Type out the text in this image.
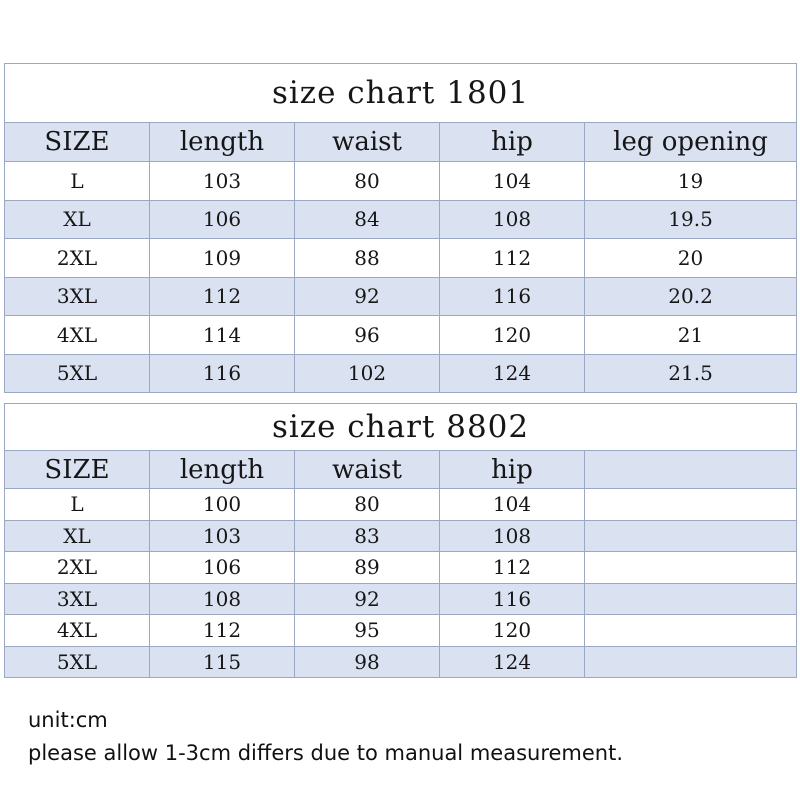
size chart 1801				
SIZE	length	waist	hip	leg opening
L	103	80	104	19
XL	106	84	108	19.5
2XL	109	88	112	20
3XL	112	92	116	20.2
4XL	114	96	120	21
5XL	116	102	124	21.5
size chart 8802				
SIZE	length	waist	hip	
L	100	80	104	
XL	103	83	108	
2XL	106	89	112	
3XL	108	92	116	
4XL	112	95	120	
5XL	115	98	124	
unit:cm
please allow 1-3cm differs due to manual measurement.
